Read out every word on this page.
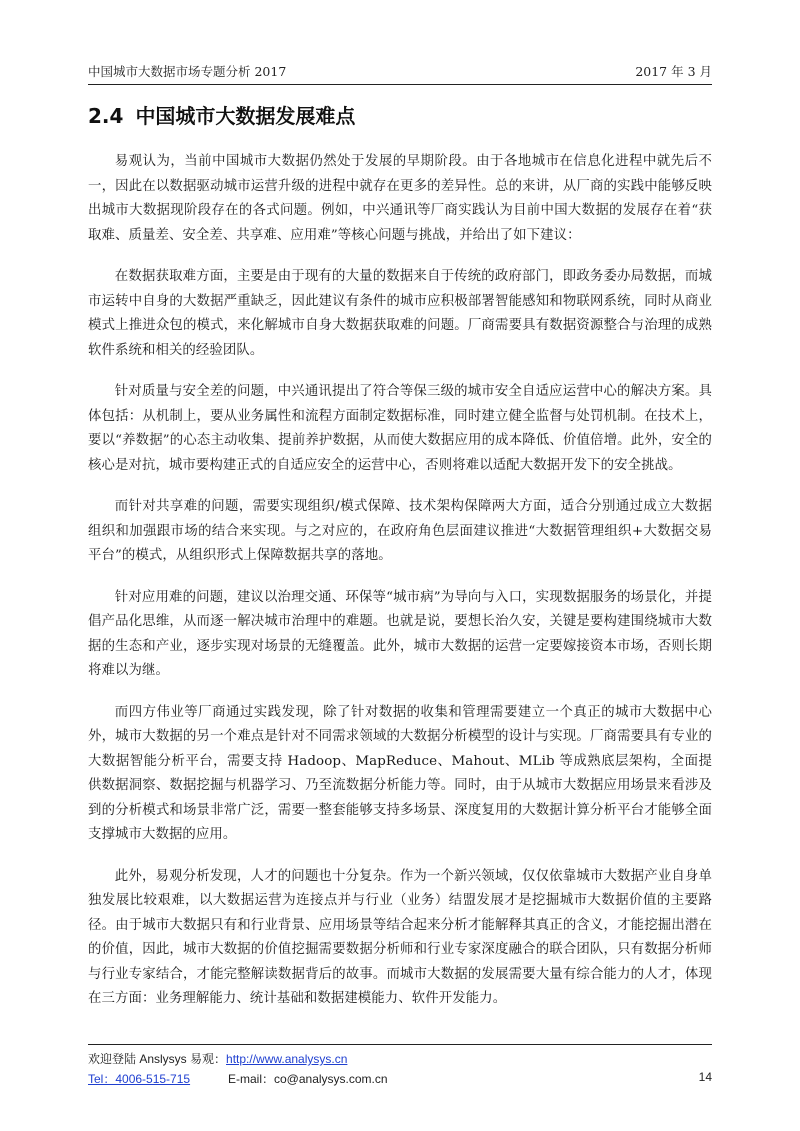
中国城市大数据市场专题分析 2017	2017 年 3 月
2.4 中国城市大数据发展难点

易观认为，当前中国城市大数据仍然处于发展的早期阶段。由于各地城市在信息化进程中就先后不一，因此在以数据驱动城市运营升级的进程中就存在更多的差异性。总的来讲，从厂商的实践中能够反映出城市大数据现阶段存在的各式问题。例如，中兴通讯等厂商实践认为目前中国大数据的发展存在着“获取难、质量差、安全差、共享难、应用难”等核心问题与挑战，并给出了如下建议：

在数据获取难方面，主要是由于现有的大量的数据来自于传统的政府部门，即政务委办局数据，而城市运转中自身的大数据严重缺乏，因此建议有条件的城市应积极部署智能感知和物联网系统，同时从商业模式上推进众包的模式，来化解城市自身大数据获取难的问题。厂商需要具有数据资源整合与治理的成熟软件系统和相关的经验团队。

针对质量与安全差的问题，中兴通讯提出了符合等保三级的城市安全自适应运营中心的解决方案。具体包括：从机制上，要从业务属性和流程方面制定数据标准，同时建立健全监督与处罚机制。在技术上，要以“养数据”的心态主动收集、提前养护数据，从而使大数据应用的成本降低、价值倍增。此外，安全的核心是对抗，城市要构建正式的自适应安全的运营中心，否则将难以适配大数据开发下的安全挑战。

而针对共享难的问题，需要实现组织/模式保障、技术架构保障两大方面，适合分别通过成立大数据组织和加强跟市场的结合来实现。与之对应的，在政府角色层面建议推进“大数据管理组织+大数据交易平台”的模式，从组织形式上保障数据共享的落地。

针对应用难的问题，建议以治理交通、环保等“城市病”为导向与入口，实现数据服务的场景化，并提倡产品化思维，从而逐一解决城市治理中的难题。也就是说，要想长治久安，关键是要构建围绕城市大数据的生态和产业，逐步实现对场景的无缝覆盖。此外，城市大数据的运营一定要嫁接资本市场，否则长期将难以为继。

而四方伟业等厂商通过实践发现，除了针对数据的收集和管理需要建立一个真正的城市大数据中心外，城市大数据的另一个难点是针对不同需求领域的大数据分析模型的设计与实现。厂商需要具有专业的大数据智能分析平台，需要支持 Hadoop、MapReduce、Mahout、MLib 等成熟底层架构，全面提供数据洞察、数据挖掘与机器学习、乃至流数据分析能力等。同时，由于从城市大数据应用场景来看涉及到的分析模式和场景非常广泛，需要一整套能够支持多场景、深度复用的大数据计算分析平台才能够全面支撑城市大数据的应用。

此外，易观分析发现，人才的问题也十分复杂。作为一个新兴领域，仅仅依靠城市大数据产业自身单独发展比较艰难，以大数据运营为连接点并与行业（业务）结盟发展才是挖掘城市大数据价值的主要路径。由于城市大数据只有和行业背景、应用场景等结合起来分析才能解释其真正的含义，才能挖掘出潜在的价值，因此，城市大数据的价值挖掘需要数据分析师和行业专家深度融合的联合团队，只有数据分析师与行业专家结合，才能完整解读数据背后的故事。而城市大数据的发展需要大量有综合能力的人才，体现在三方面：业务理解能力、统计基础和数据建模能力、软件开发能力。

欢迎登陆 Anslysys 易观：http://www.analysys.cn
Tel：4006-515-715	E-mail：co@analysys.com.cn	14
